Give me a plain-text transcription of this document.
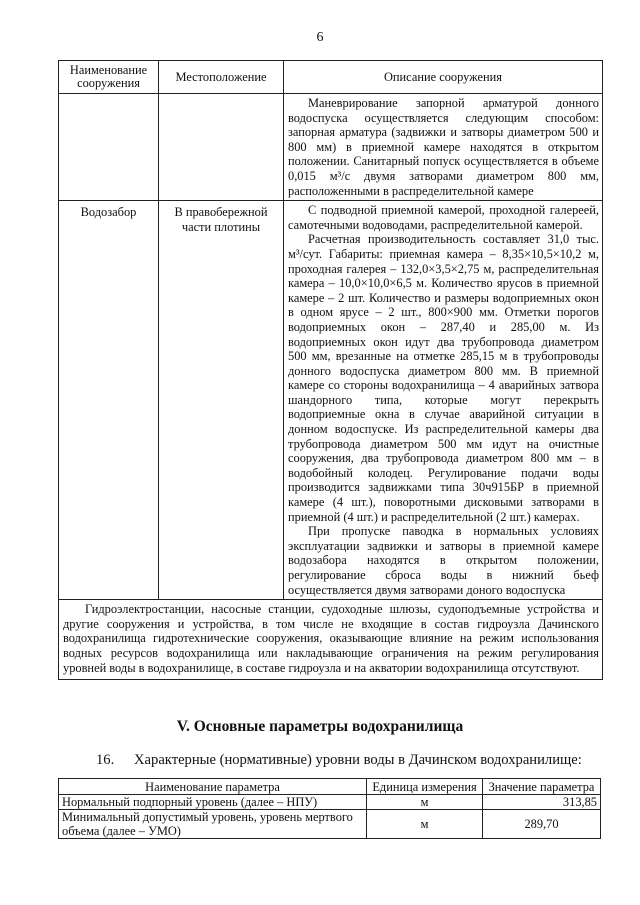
6
Наименование сооружения	Местоположение	Описание сооружения

		Маневрирование запорной арматурой донного водоспуска осуществляется следующим способом: запорная арматура (задвижки и затворы диаметром 500 и 800 мм) в приемной камере находятся в открытом положении. Санитарный попуск осуществляется в объеме 0,015 м³/с двумя затворами диаметром 800 мм, расположенными в распределительной камере

Водозабор	В правобережной части плотины	С подводной приемной камерой, проходной галереей, самотечными водоводами, распределительной камерой.

Расчетная производительность составляет 31,0 тыс. м³/сут. Габариты: приемная камера – 8,35×10,5×10,2 м, проходная галерея – 132,0×3,5×2,75 м, распределительная камера – 10,0×10,0×6,5 м. Количество ярусов в приемной камере – 2 шт. Количество и размеры водоприемных окон в одном ярусе – 2 шт., 800×900 мм. Отметки порогов водоприемных окон – 287,40 и 285,00 м. Из водоприемных окон идут два трубопровода диаметром 500 мм, врезанные на отметке 285,15 м в трубопроводы донного водоспуска диаметром 800 мм. В приемной камере со стороны водохранилища – 4 аварийных затвора шандорного типа, которые могут перекрыть водоприемные окна в случае аварийной ситуации в донном водоспуске. Из распределительной камеры два трубопровода диаметром 500 мм идут на очистные сооружения, два трубопровода диаметром 800 мм – в водобойный колодец. Регулирование подачи воды производится задвижками типа 30ч915БР в приемной камере (4 шт.), поворотными дисковыми затворами в приемной (4 шт.) и распределительной (2 шт.) камерах.

При пропуске паводка в нормальных условиях эксплуатации задвижки и затворы в приемной камере водозабора находятся в открытом положении, регулирование сброса воды в нижний бьеф осуществляется двумя затворами доного водоспуска

Гидроэлектростанции, насосные станции, судоходные шлюзы, судоподъемные устройства и другие сооружения и устройства, в том числе не входящие в состав гидроузла Дачинского водохранилища гидротехнические сооружения, оказывающие влияние на режим использования водных ресурсов водохранилища или накладывающие ограничения на режим регулирования уровней воды в водохранилище, в составе гидроузла и на акватории водохранилища отсутствуют.		

V. Основные параметры водохранилища
16. Характерные (нормативные) уровни воды в Дачинском водохранилище:
Наименование параметра	Единица измерения	Значение параметра
Нормальный подпорный уровень (далее – НПУ)	м	313,85
Минимальный допустимый уровень, уровень мертвого объема (далее – УМО)	м	289,70
